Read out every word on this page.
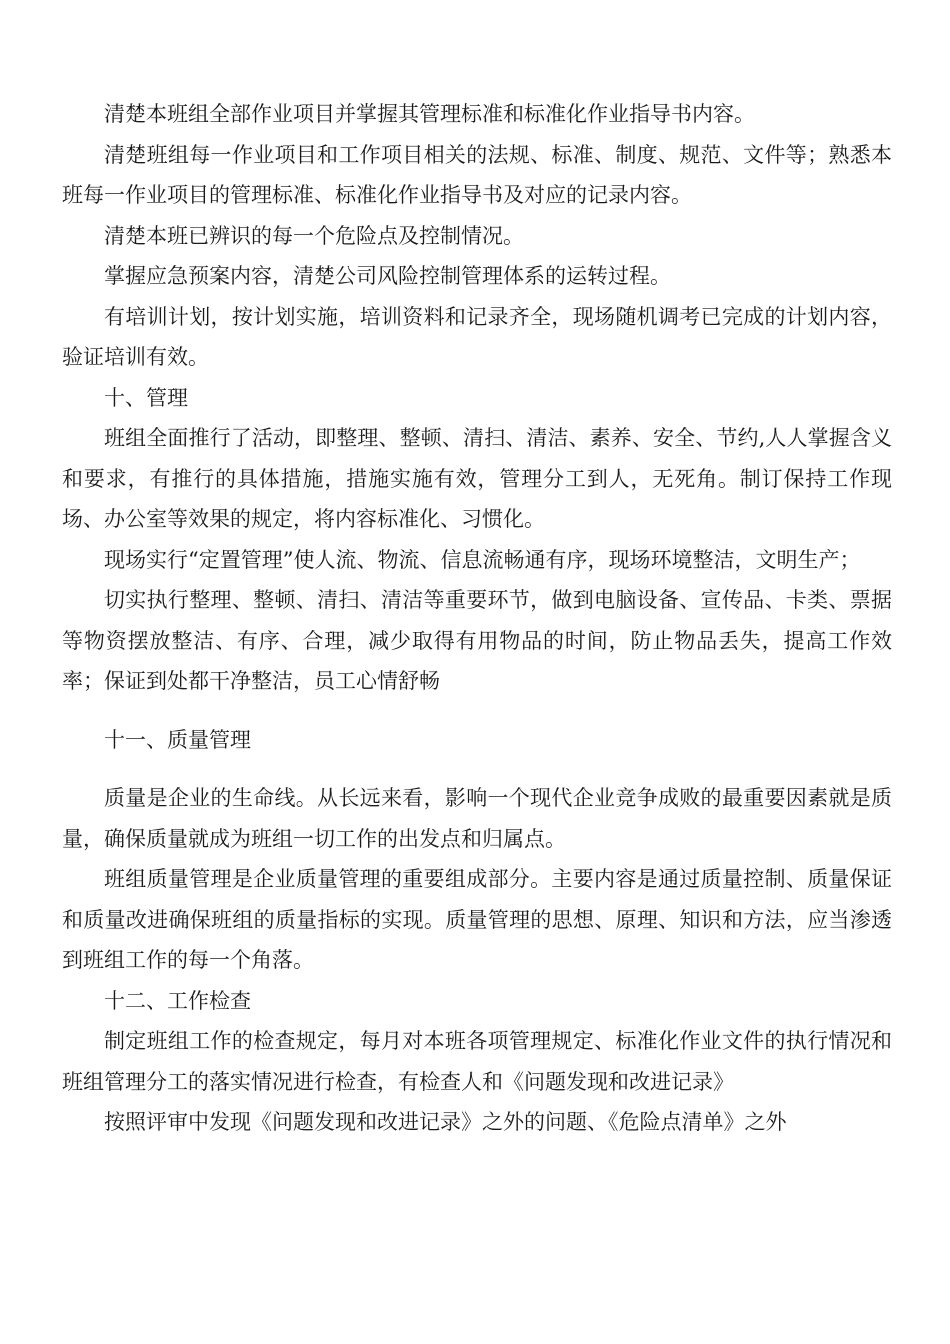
清楚本班组全部作业项目并掌握其管理标准和标准化作业指导书内容。

清楚班组每一作业项目和工作项目相关的法规、标准、制度、规范、文件等；熟悉本班每一作业项目的管理标准、标准化作业指导书及对应的记录内容。

清楚本班已辨识的每一个危险点及控制情况。

掌握应急预案内容，清楚公司风险控制管理体系的运转过程。

有培训计划，按计划实施，培训资料和记录齐全，现场随机调考已完成的计划内容，验证培训有效。

十、管理

班组全面推行了活动，即整理、整顿、清扫、清洁、素养、安全、节约,人人掌握含义和要求，有推行的具体措施，措施实施有效，管理分工到人，无死角。制订保持工作现场、办公室等效果的规定，将内容标准化、习惯化。

现场实行“定置管理”使人流、物流、信息流畅通有序，现场环境整洁，文明生产；

切实执行整理、整顿、清扫、清洁等重要环节，做到电脑设备、宣传品、卡类、票据等物资摆放整洁、有序、合理，减少取得有用物品的时间，防止物品丢失，提高工作效率；保证到处都干净整洁，员工心情舒畅

十一、质量管理

质量是企业的生命线。从长远来看，影响一个现代企业竞争成败的最重要因素就是质量，确保质量就成为班组一切工作的出发点和归属点。

班组质量管理是企业质量管理的重要组成部分。主要内容是通过质量控制、质量保证和质量改进确保班组的质量指标的实现。质量管理的思想、原理、知识和方法，应当渗透到班组工作的每一个角落。

十二、工作检查

制定班组工作的检查规定，每月对本班各项管理规定、标准化作业文件的执行情况和班组管理分工的落实情况进行检查，有检查人和《问题发现和改进记录》

按照评审中发现《问题发现和改进记录》之外的问题、《危险点清单》之外
